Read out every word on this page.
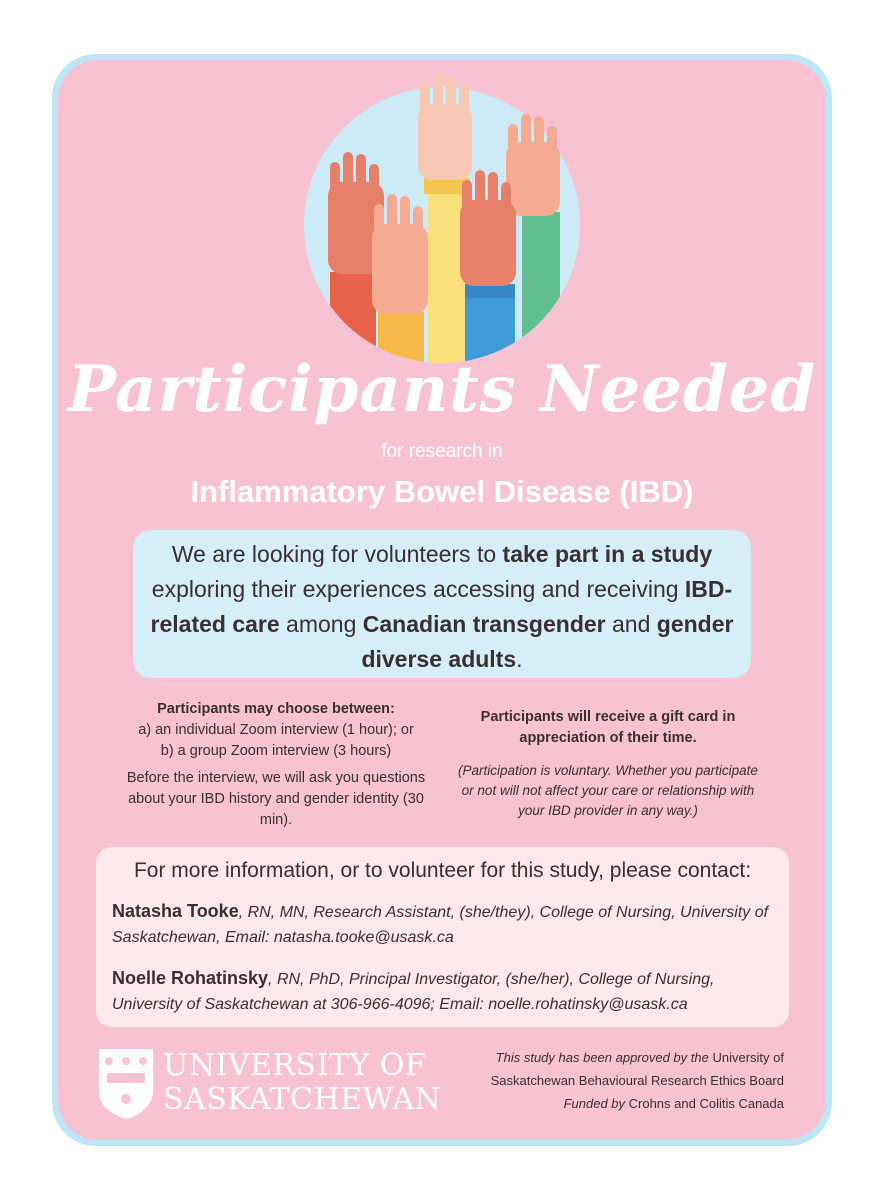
Participants Needed
for research in
Inflammatory Bowel Disease (IBD)
We are looking for volunteers to take part in a study exploring their experiences accessing and receiving IBD-related care among Canadian transgender and gender diverse adults.
Participants may choose between:
a) an individual Zoom interview (1 hour); or
b) a group Zoom interview (3 hours)
Before the interview, we will ask you questions about your IBD history and gender identity (30 min).
Participants will receive a gift card in appreciation of their time.
(Participation is voluntary. Whether you participate or not will not affect your care or relationship with your IBD provider in any way.)
For more information, or to volunteer for this study, please contact:
Natasha Tooke, RN, MN, Research Assistant, (she/they), College of Nursing, University of Saskatchewan, Email: natasha.tooke@usask.ca
Noelle Rohatinsky, RN, PhD, Principal Investigator, (she/her), College of Nursing, University of Saskatchewan at 306-966-4096; Email: noelle.rohatinsky@usask.ca
UNIVERSITY OF
SASKATCHEWAN
This study has been approved by the University of Saskatchewan Behavioural Research Ethics Board
Funded by Crohns and Colitis Canada
